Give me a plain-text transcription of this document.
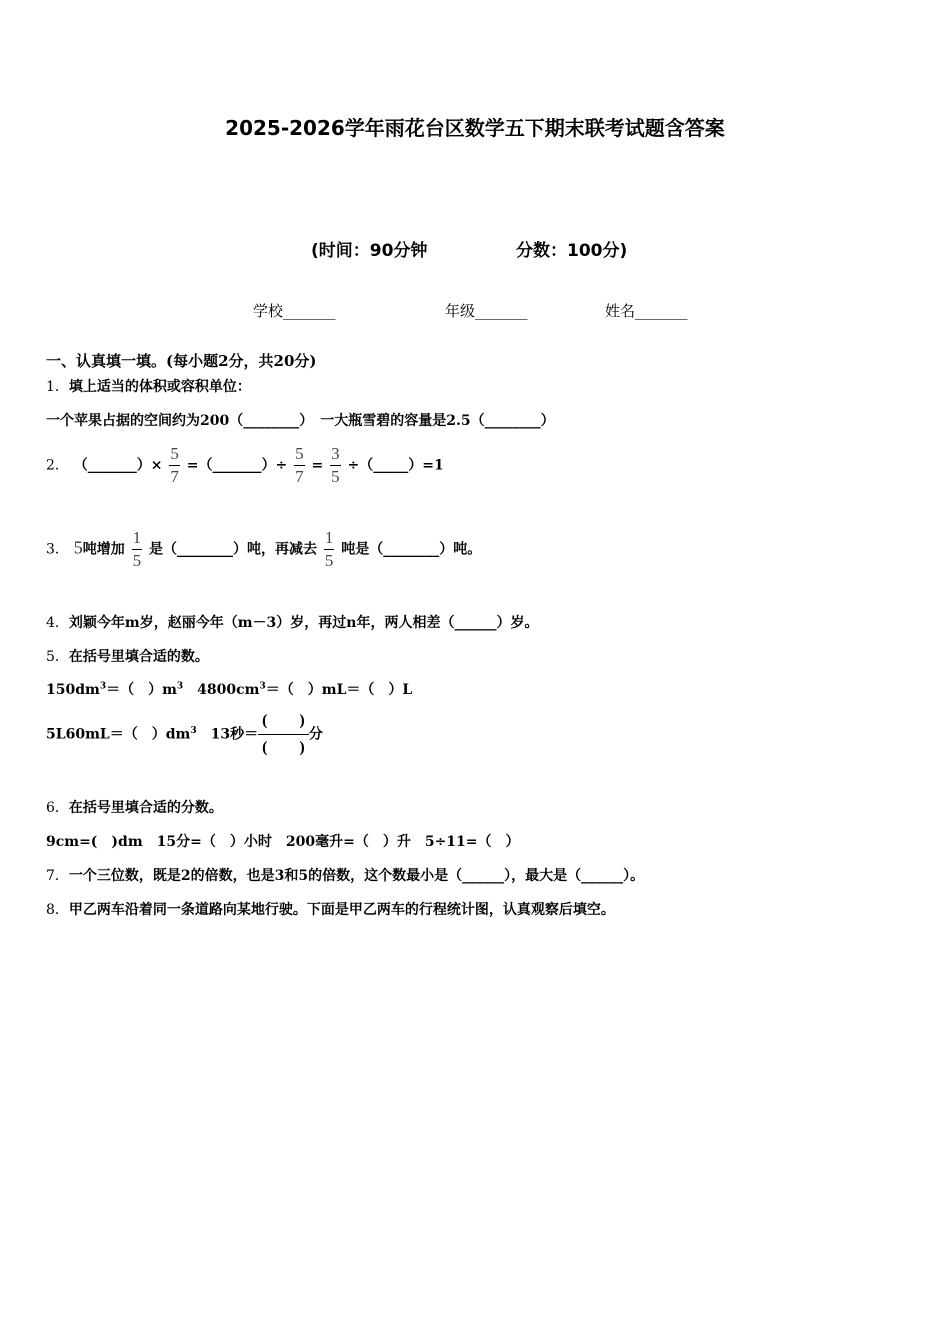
2025-2026学年雨花台区数学五下期末联考试题含答案
(时间：90分钟	分数：100分)
学校_______	年级_______	姓名_______
一、认真填一填。(每小题2分，共20分)
1．填上适当的体积或容积单位：
一个苹果占据的空间约为200（________）　一大瓶雪碧的容量是2.5（________）
2． （_______）× $\frac{5}{7}$ =（_______）÷ $\frac{5}{7} = \frac{3}{5}$ ÷（_____）=1
3． 5吨增加 $\frac{1}{5}$ 是（________）吨，再减去 $\frac{1}{5}$ 吨是（________）吨。
4．刘颖今年m岁，赵丽今年（m－3）岁，再过n年，两人相差（______）岁。
5．在括号里填合适的数。
$150dm^3=$（　）$m^3$　$4800cm^3=$（　）mL＝（　）L
5L60mL＝（　）$dm^3$　13秒＝
(　　)
(　　)
分
6．在括号里填合适的分数。
9cm=(　)dm　15分=（　）小时　200毫升=（　）升　5÷11=（　）
7．一个三位数，既是2的倍数，也是3和5的倍数，这个数最小是（______），最大是（______）。
8．甲乙两车沿着同一条道路向某地行驶。下面是甲乙两车的行程统计图，认真观察后填空。
